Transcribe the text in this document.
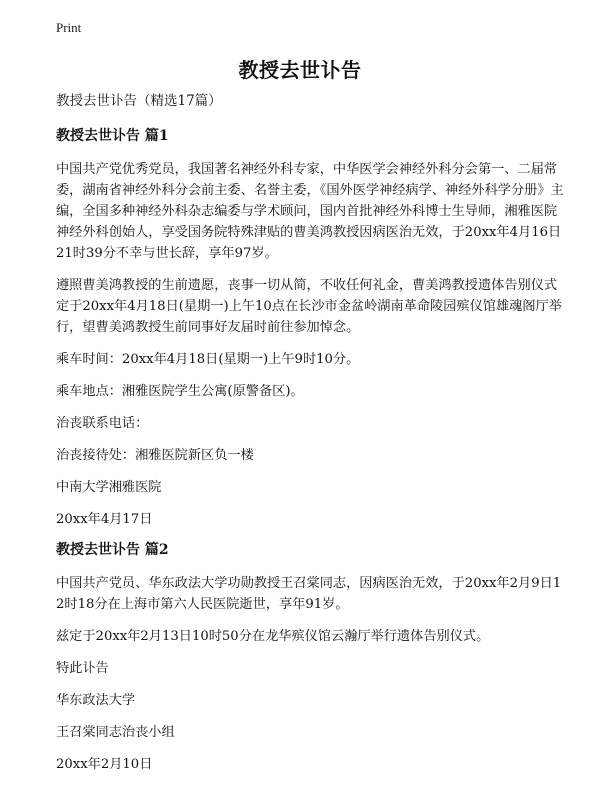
Print
教授去世讣告

教授去世讣告（精选17篇）

教授去世讣告 篇1

中国共产党优秀党员，我国著名神经外科专家，中华医学会神经外科分会第一、二届常委，湖南省神经外科分会前主委、名誉主委，《国外医学神经病学、神经外科学分册》主编，全国多种神经外科杂志编委与学术顾问，国内首批神经外科博士生导师，湘雅医院神经外科创始人，享受国务院特殊津贴的曹美鸿教授因病医治无效，于20xx年4月16日21时39分不幸与世长辞，享年97岁。

遵照曹美鸿教授的生前遗愿，丧事一切从简，不收任何礼金，曹美鸿教授遗体告别仪式定于20xx年4月18日(星期一)上午10点在长沙市金盆岭湖南革命陵园殡仪馆雄魂阁厅举行，望曹美鸿教授生前同事好友届时前往参加悼念。

乘车时间：20xx年4月18日(星期一)上午9时10分。

乘车地点：湘雅医院学生公寓(原警备区)。

治丧联系电话：

治丧接待处：湘雅医院新区负一楼

中南大学湘雅医院

20xx年4月17日

教授去世讣告 篇2

中国共产党员、华东政法大学功勋教授王召棠同志，因病医治无效，于20xx年2月9日12时18分在上海市第六人民医院逝世，享年91岁。

兹定于20xx年2月13日10时50分在龙华殡仪馆云瀚厅举行遗体告别仪式。

特此讣告

华东政法大学

王召棠同志治丧小组

20xx年2月10日
